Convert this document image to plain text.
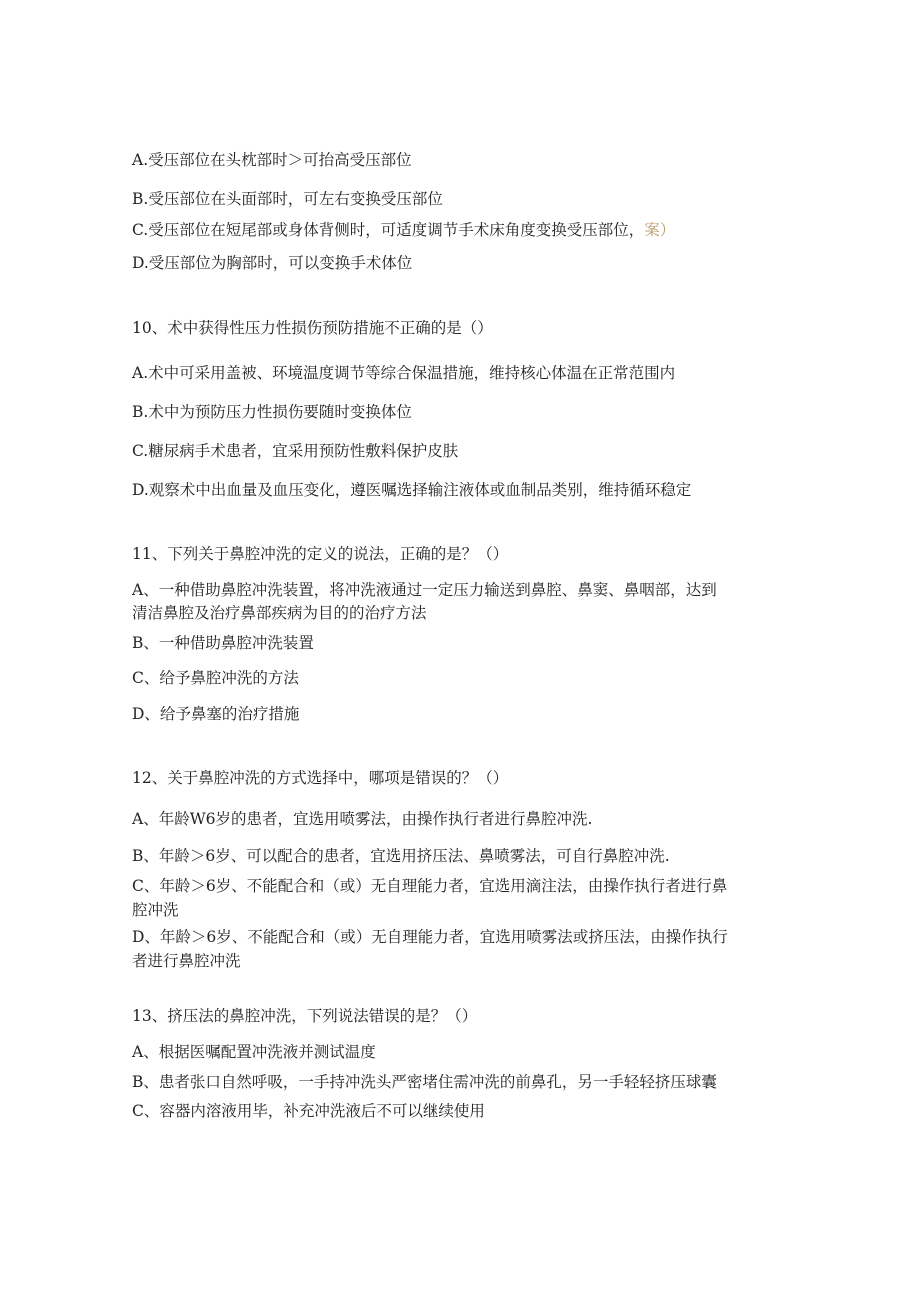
A.受压部位在头枕部时＞可抬高受压部位
B.受压部位在头面部时，可左右变换受压部位
C.受压部位在短尾部或身体背侧时，可适度调节手术床角度变换受压部位，案）
D.受压部位为胸部时，可以变换手术体位
10、术中获得性压力性损伤预防措施不正确的是（）
A.术中可采用盖被、环境温度调节等综合保温措施，维持核心体温在正常范围内
B.术中为预防压力性损伤要随时变换体位
C.糖尿病手术患者，宜采用预防性敷料保护皮肤
D.观察术中出血量及血压变化，遵医嘱选择输注液体或血制品类别，维持循环稳定
11、下列关于鼻腔冲洗的定义的说法，正确的是？（）
A、一种借助鼻腔冲洗装置，将冲洗液通过一定压力输送到鼻腔、鼻窦、鼻咽部，达到
清洁鼻腔及治疗鼻部疾病为目的的治疗方法
B、一种借助鼻腔冲洗装置
C、给予鼻腔冲洗的方法
D、给予鼻塞的治疗措施
12、关于鼻腔冲洗的方式选择中，哪项是错误的？（）
A、年龄W6岁的患者，宜选用喷雾法，由操作执行者进行鼻腔冲洗.
B、年龄＞6岁、可以配合的患者，宜选用挤压法、鼻喷雾法，可自行鼻腔冲洗.
C、年龄＞6岁、不能配合和（或）无自理能力者，宜选用滴注法，由操作执行者进行鼻
腔冲洗
D、年龄＞6岁、不能配合和（或）无自理能力者，宜选用喷雾法或挤压法，由操作执行
者进行鼻腔冲洗
13、挤压法的鼻腔冲洗，下列说法错误的是？（）
A、根据医嘱配置冲洗液并测试温度
B、患者张口自然呼吸，一手持冲洗头严密堵住需冲洗的前鼻孔，另一手轻轻挤压球囊
C、容器内溶液用毕，补充冲洗液后不可以继续使用
